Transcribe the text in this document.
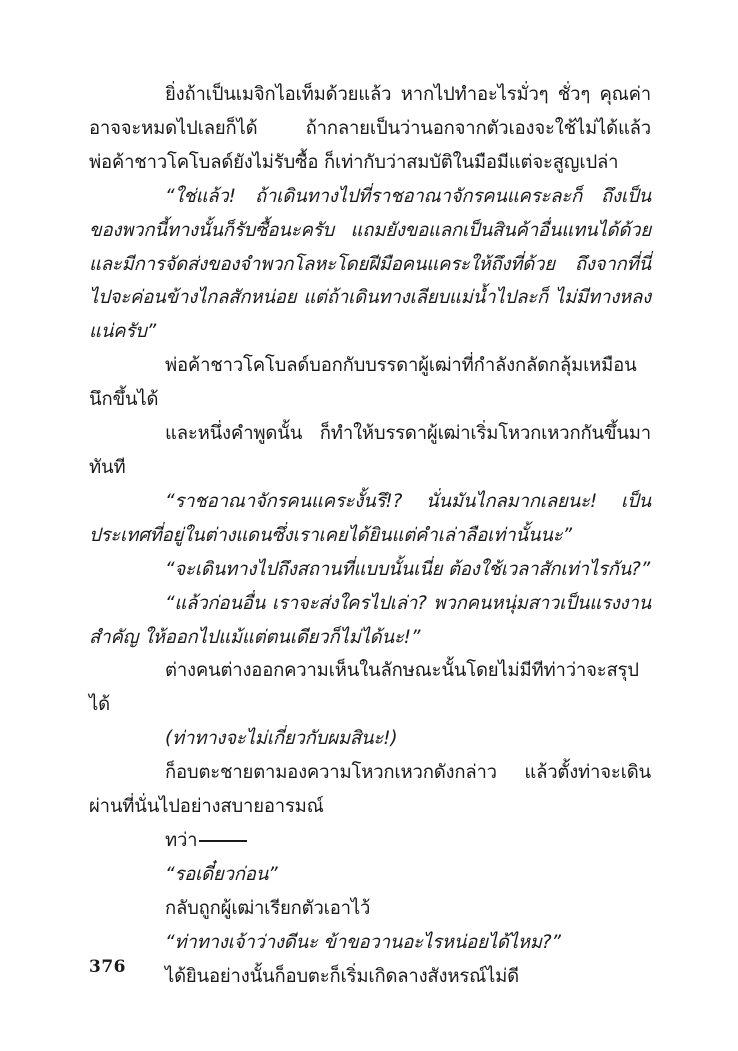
ยิ่งถ้าเป็นเมจิกไอเท็มด้วยแล้ว หากไปทำอะไรมั่วๆ ชั่วๆ คุณค่าอาจจะหมดไปเลยก็ได้ ถ้ากลายเป็นว่านอกจากตัวเองจะใช้ไม่ได้แล้ว พ่อค้าชาวโคโบลด์ยังไม่รับซื้อ ก็เท่ากับว่าสมบัติในมือมีแต่จะสูญเปล่า

“ใช่แล้ว! ถ้าเดินทางไปที่ราชอาณาจักรคนแคระละก็ ถึงเป็นของพวกนี้ทางนั้นก็รับซื้อนะครับ แถมยังขอแลกเป็นสินค้าอื่นแทนได้ด้วย และมีการจัดส่งของจำพวกโลหะโดยฝีมือคนแคระให้ถึงที่ด้วย ถึงจากที่นี่ไปจะค่อนข้างไกลสักหน่อย แต่ถ้าเดินทางเลียบแม่น้ำไปละก็ ไม่มีทางหลงแน่ครับ”

พ่อค้าชาวโคโบลด์บอกกับบรรดาผู้เฒ่าที่กำลังกลัดกลุ้มเหมือนนึกขึ้นได้

และหนึ่งคำพูดนั้น ก็ทำให้บรรดาผู้เฒ่าเริ่มโหวกเหวกกันขึ้นมาทันที

“ราชอาณาจักรคนแคระงั้นรึ!? นั่นมันไกลมากเลยนะ! เป็นประเทศที่อยู่ในต่างแดนซึ่งเราเคยได้ยินแต่คำเล่าลือเท่านั้นนะ”

“จะเดินทางไปถึงสถานที่แบบนั้นเนี่ย ต้องใช้เวลาสักเท่าไรกัน?”

“แล้วก่อนอื่น เราจะส่งใครไปเล่า? พวกคนหนุ่มสาวเป็นแรงงานสำคัญ ให้ออกไปแม้แต่ตนเดียวก็ไม่ได้นะ!”

ต่างคนต่างออกความเห็นในลักษณะนั้นโดยไม่มีทีท่าว่าจะสรุปได้

(ท่าทางจะไม่เกี่ยวกับผมสินะ!)

ก็อบตะชายตามองความโหวกเหวกดังกล่าว แล้วตั้งท่าจะเดินผ่านที่นั่นไปอย่างสบายอารมณ์

ทว่า

“รอเดี๋ยวก่อน”

กลับถูกผู้เฒ่าเรียกตัวเอาไว้

“ท่าทางเจ้าว่างดีนะ ข้าขอวานอะไรหน่อยได้ไหม?”

ได้ยินอย่างนั้นก็อบตะก็เริ่มเกิดลางสังหรณ์ไม่ดี

376
